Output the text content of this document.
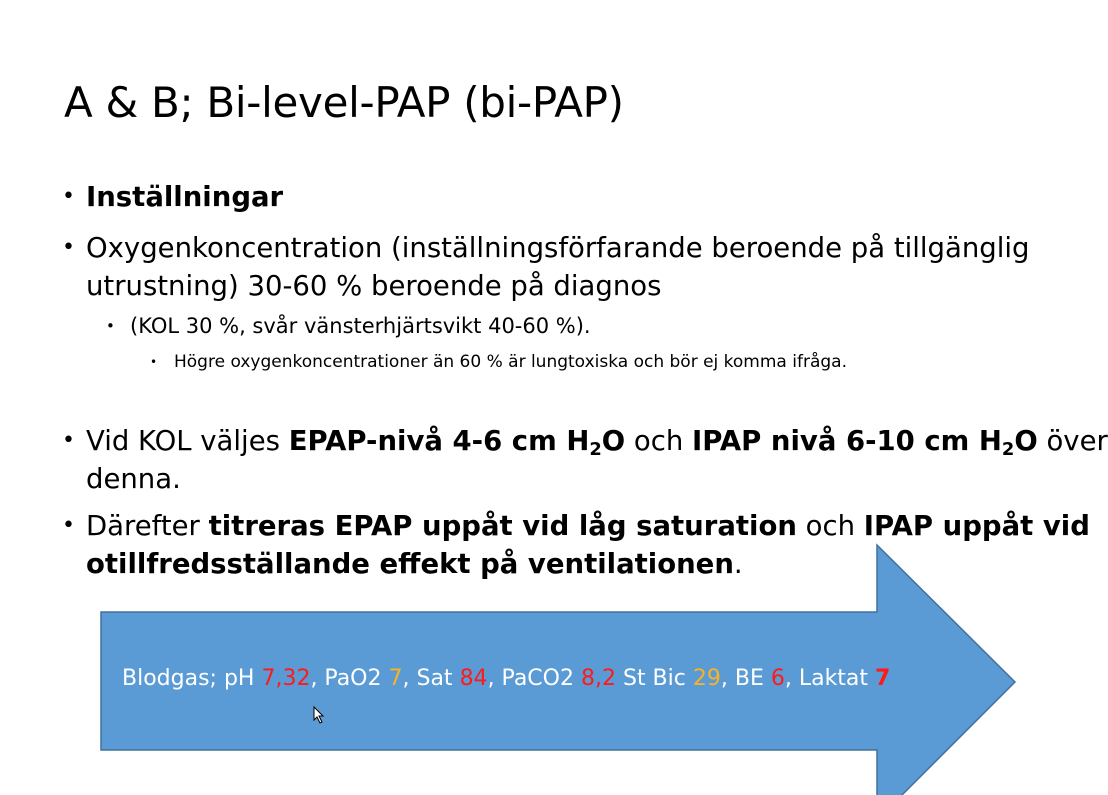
A & B; Bi-level-PAP (bi-PAP)
• Inställningar
• Oxygenkoncentration (inställningsförfarande beroende på tillgänglig
utrustning) 30-60 % beroende på diagnos
• (KOL 30 %, svår vänsterhjärtsvikt 40-60 %).
• Högre oxygenkoncentrationer än 60 % är lungtoxiska och bör ej komma ifråga.
• Vid KOL väljes EPAP-nivå 4-6 cm $H_2O$ och IPAP nivå 6-10 cm $H_2O$ över
denna.
• Därefter titreras EPAP uppåt vid låg saturation och IPAP uppåt vid
otillfredsställande effekt på ventilationen.
Blodgas; pH 7,32, PaO2 7, Sat 84, PaCO2 8,2 St Bic 29, BE 6, Laktat 7
